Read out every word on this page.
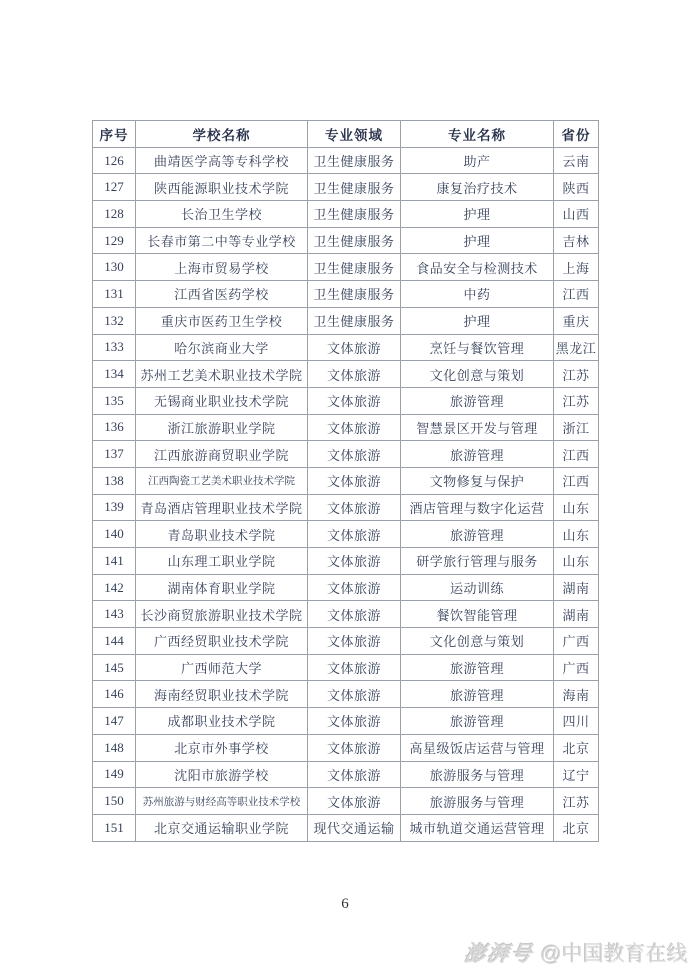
序号	学校名称	专业领域	专业名称	省份
126	曲靖医学高等专科学校	卫生健康服务	助产	云南
127	陕西能源职业技术学院	卫生健康服务	康复治疗技术	陕西
128	长治卫生学校	卫生健康服务	护理	山西
129	长春市第二中等专业学校	卫生健康服务	护理	吉林
130	上海市贸易学校	卫生健康服务	食品安全与检测技术	上海
131	江西省医药学校	卫生健康服务	中药	江西
132	重庆市医药卫生学校	卫生健康服务	护理	重庆
133	哈尔滨商业大学	文体旅游	烹饪与餐饮管理	黑龙江
134	苏州工艺美术职业技术学院	文体旅游	文化创意与策划	江苏
135	无锡商业职业技术学院	文体旅游	旅游管理	江苏
136	浙江旅游职业学院	文体旅游	智慧景区开发与管理	浙江
137	江西旅游商贸职业学院	文体旅游	旅游管理	江西
138	江西陶瓷工艺美术职业技术学院	文体旅游	文物修复与保护	江西
139	青岛酒店管理职业技术学院	文体旅游	酒店管理与数字化运营	山东
140	青岛职业技术学院	文体旅游	旅游管理	山东
141	山东理工职业学院	文体旅游	研学旅行管理与服务	山东
142	湖南体育职业学院	文体旅游	运动训练	湖南
143	长沙商贸旅游职业技术学院	文体旅游	餐饮智能管理	湖南
144	广西经贸职业技术学院	文体旅游	文化创意与策划	广西
145	广西师范大学	文体旅游	旅游管理	广西
146	海南经贸职业技术学院	文体旅游	旅游管理	海南
147	成都职业技术学院	文体旅游	旅游管理	四川
148	北京市外事学校	文体旅游	高星级饭店运营与管理	北京
149	沈阳市旅游学校	文体旅游	旅游服务与管理	辽宁
150	苏州旅游与财经高等职业技术学校	文体旅游	旅游服务与管理	江苏
151	北京交通运输职业学院	现代交通运输	城市轨道交通运营管理	北京
6
澎湃号 @中国教育在线
